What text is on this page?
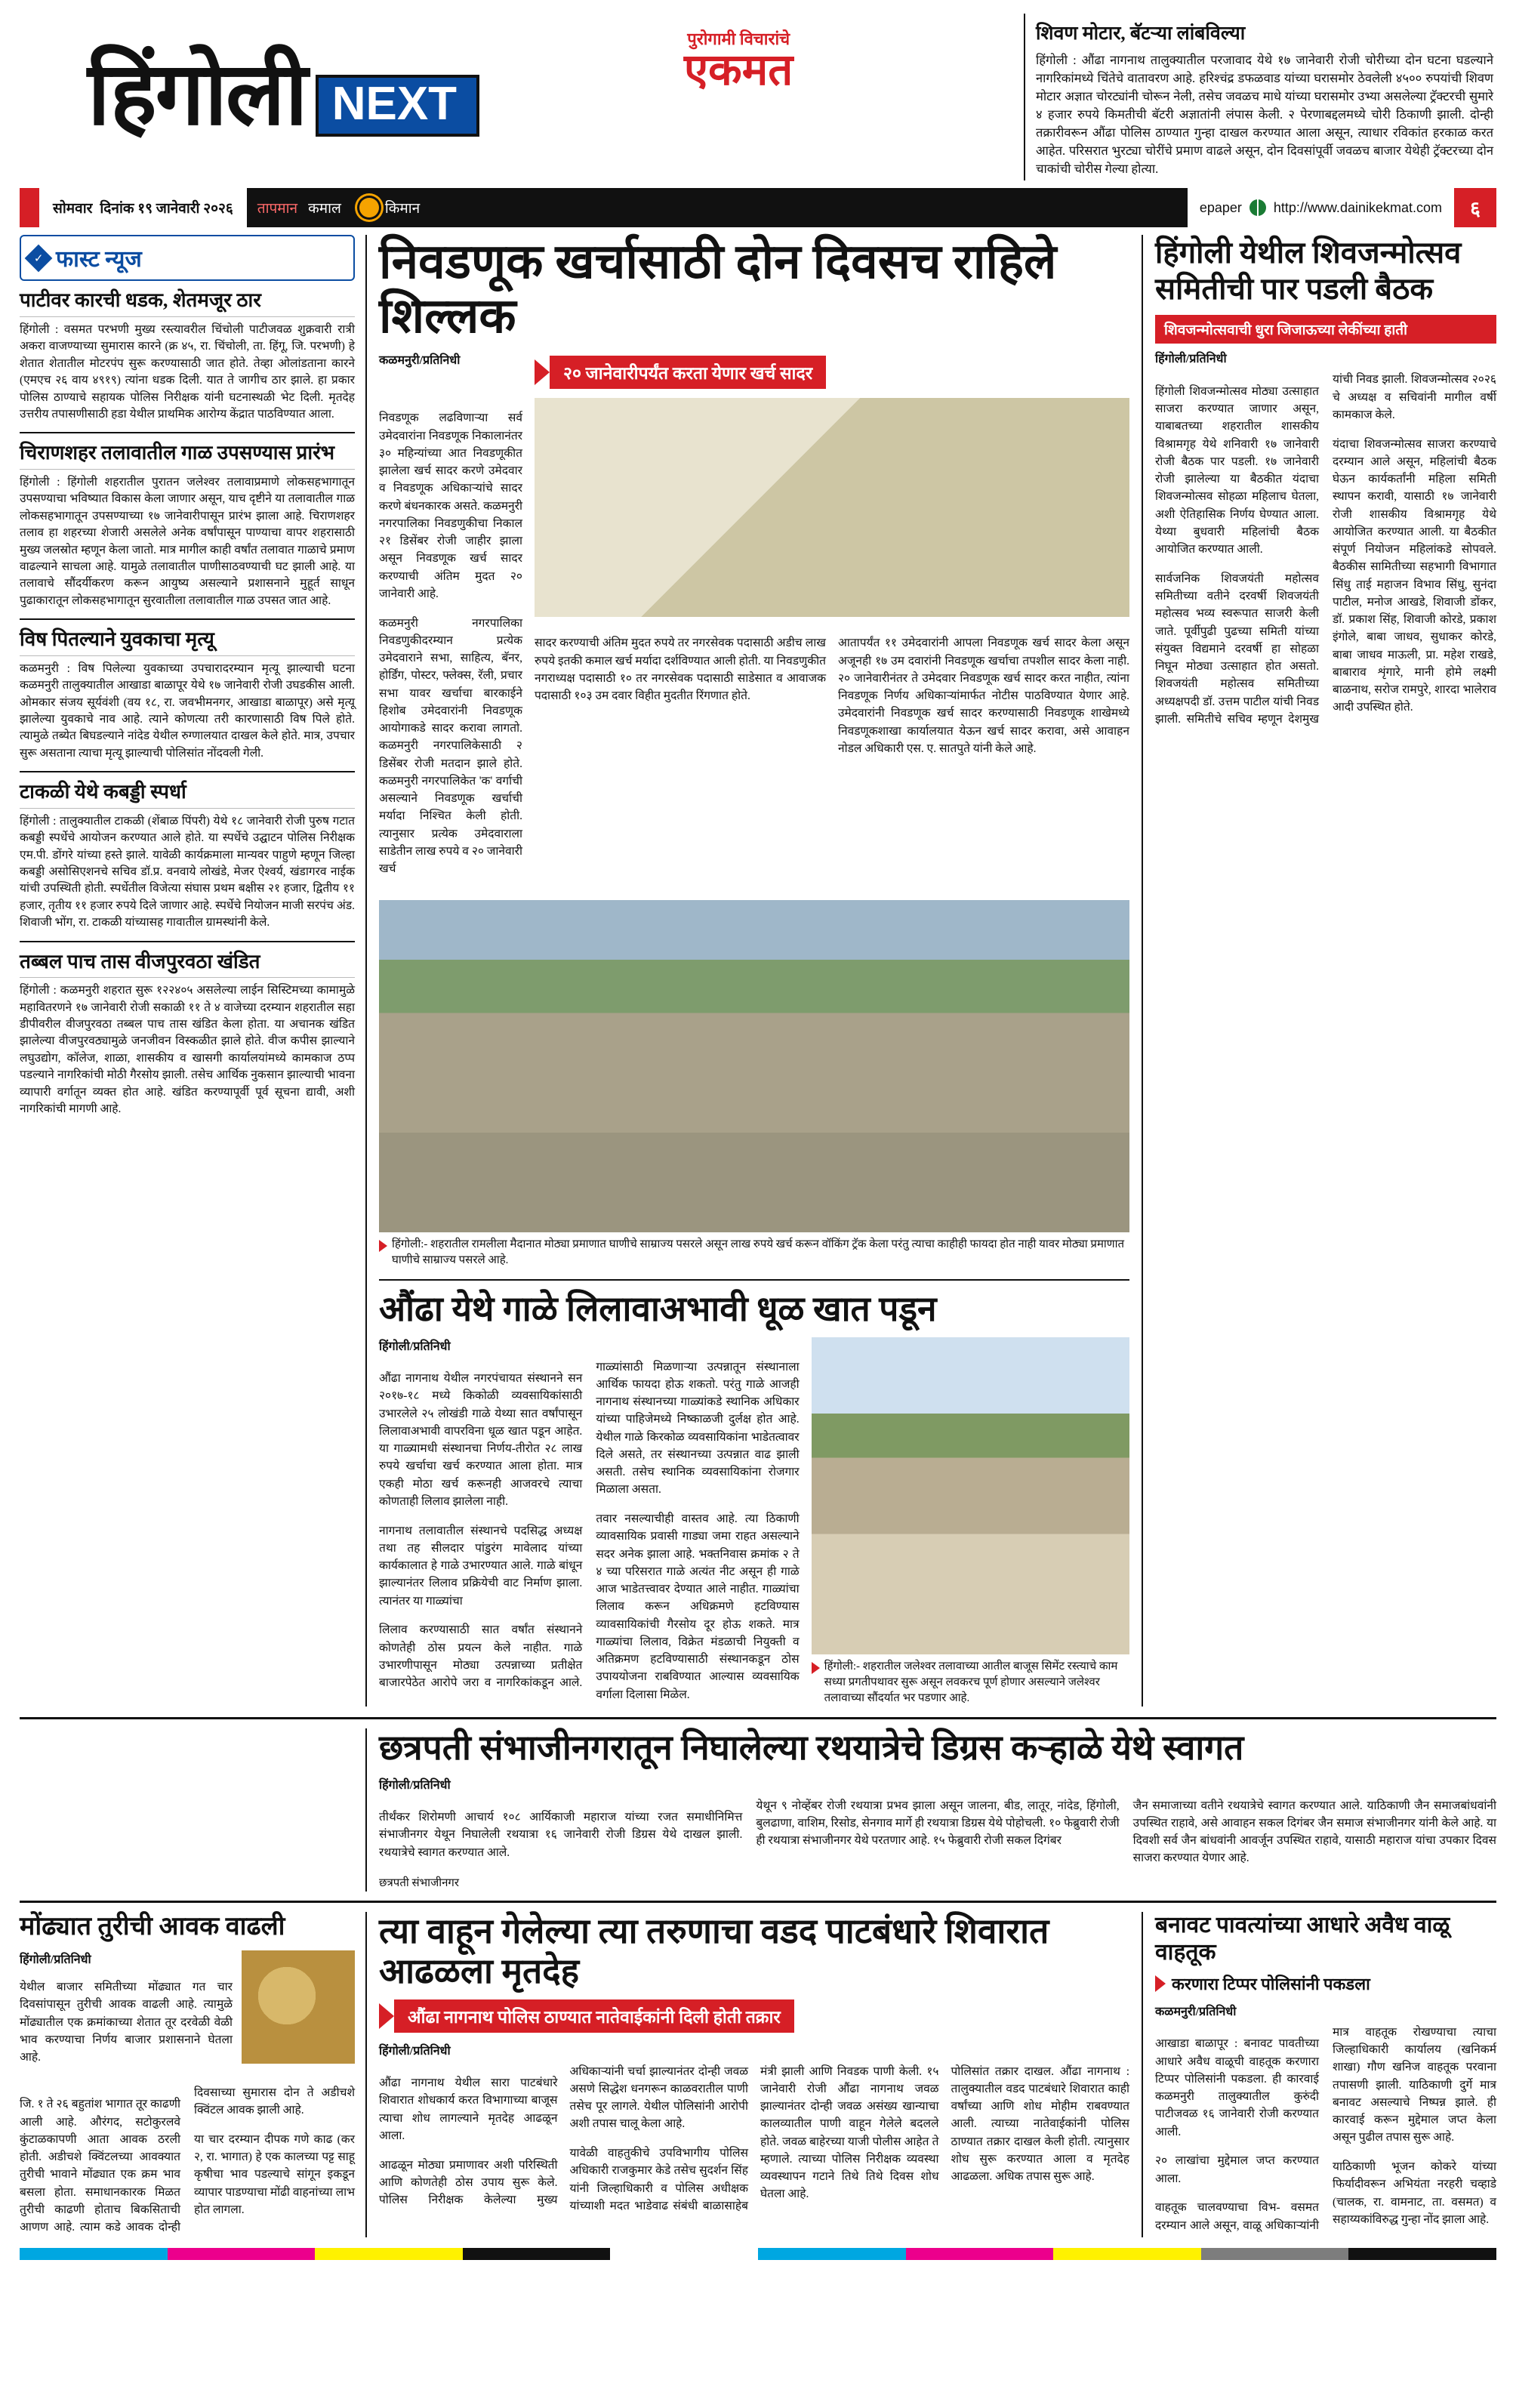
पुरोगामी विचारांचे
एकमत
हिंगोली NEXT
शिवण मोटार, बॅटऱ्या लांबविल्या

हिंगोली : औंढा नागनाथ तालुक्यातील परजावाद येथे १७ जानेवारी रोजी चोरीच्या दोन घटना घडल्याने नागरिकांमध्ये चिंतेचे वातावरण आहे. हरिश्चंद्र डफळवाड यांच्या घरासमोर ठेवलेली ४५०० रुपयांची शिवण मोटार अज्ञात चोरट्यांनी चोरून नेली, तसेच जवळच माधे यांच्या घरासमोर उभ्या असलेल्या ट्रॅक्टरची सुमारे ४ हजार रुपये किमतीची बॅटरी अज्ञातांनी लंपास केली. २ पेरणाबद्दलमध्ये चोरी ठिकाणी झाली. दोन्ही तक्रारीवरून औंढा पोलिस ठाण्यात गुन्हा दाखल करण्यात आला असून, त्याधार रविकांत हरकाळ करत आहेत. परिसरात भुरट्या चोरींचे प्रमाण वाढले असून, दोन दिवसांपूर्वी जवळच बाजार येथेही ट्रॅक्टरच्या दोन चाकांची चोरीस गेल्या होत्या.

सोमवार दिनांक १९ जानेवारी २०२६ तापमान कमाल	किमान	epaper http://www.dainikekmat.com	६
✓ फास्ट न्यूज
पाटीवर कारची धडक, शेतमजूर ठार

हिंगोली : वसमत परभणी मुख्य रस्त्यावरील चिंचोली पाटीजवळ शुक्रवारी रात्री अकरा वाजण्याच्या सुमारास कारने (क्र ४५, रा. चिंचोली, ता. हिंगू, जि. परभणी) हे शेतात शेतातील मोटरपंप सुरू करण्यासाठी जात होते. तेव्हा ओलांडताना कारने (एमएच २६ वाय ४९१९) त्यांना धडक दिली. यात ते जागीच ठार झाले. हा प्रकार पोलिस ठाण्याचे सहायक पोलिस निरीक्षक यांनी घटनास्थळी भेट दिली. मृतदेह उत्तरीय तपासणीसाठी हडा येथील प्राथमिक आरोग्य केंद्रात पाठविण्यात आला.

चिराणशहर तलावातील गाळ उपसण्यास प्रारंभ

हिंगोली : हिंगोली शहरातील पुरातन जलेश्वर तलावाप्रमाणे लोकसहभागातून उपसण्याचा भविष्यात विकास केला जाणार असून, याच दृष्टीने या तलावातील गाळ लोकसहभागातून उपसण्याच्या १७ जानेवारीपासून प्रारंभ झाला आहे. चिराणशहर तलाव हा शहरच्या शेजारी असलेले अनेक वर्षांपासून पाण्याचा वापर शहरासाठी मुख्य जलस्रोत म्हणून केला जातो. मात्र मागील काही वर्षांत तलावात गाळाचे प्रमाण वाढल्याने साचला आहे. यामुळे तलावातील पाणीसाठवण्याची घट झाली आहे. या तलावाचे सौंदर्यीकरण करून आयुष्य असल्याने प्रशासनाने मुहूर्त साधून पुढाकारातून लोकसहभागातून सुरवातीला तलावातील गाळ उपसत जात आहे.

विष पितल्याने युवकाचा मृत्यू

कळमनुरी : विष पिलेल्या युवकाच्या उपचारादरम्यान मृत्यू झाल्याची घटना कळमनुरी तालुक्यातील आखाडा बाळापूर येथे १७ जानेवारी रोजी उघडकीस आली. ओमकार संजय सूर्यवंशी (वय १८, रा. जवभीमनगर, आखाडा बाळापूर) असे मृत्यू झालेल्या युवकाचे नाव आहे. त्याने कोणत्या तरी कारणासाठी विष पिले होते. त्यामुळे तब्येत बिघडल्याने नांदेड येथील रुग्णालयात दाखल केले होते. मात्र, उपचार सुरू असताना त्याचा मृत्यू झाल्याची पोलिसांत नोंदवली गेली.

टाकळी येथे कबड्डी स्पर्धा

हिंगोली : तालुक्यातील टाकळी (शेंबाळ पिंपरी) येथे १८ जानेवारी रोजी पुरुष गटात कबड्डी स्पर्धेचे आयोजन करण्यात आले होते. या स्पर्धेचे उद्घाटन पोलिस निरीक्षक एम.पी. डोंगरे यांच्या हस्ते झाले. यावेळी कार्यक्रमाला मान्यवर पाहुणे म्हणून जिल्हा कबड्डी असोसिएशनचे सचिव डॉ.प्र. वनवाये लोखंडे, मेजर ऐश्वर्य, खंडागरव नाईक यांची उपस्थिती होती. स्पर्धेतील विजेत्या संघास प्रथम बक्षीस २१ हजार, द्वितीय ११ हजार, तृतीय ११ हजार रुपये दिले जाणार आहे. स्पर्धेचे नियोजन माजी सरपंच अंड. शिवाजी भोंग, रा. टाकळी यांच्यासह गावातील ग्रामस्थांनी केले.

तब्बल पाच तास वीजपुरवठा खंडित

हिंगोली : कळमनुरी शहरात सुरू १२२४०५ असलेल्या लाईन सिस्टिमच्या कामामुळे महावितरणने १७ जानेवारी रोजी सकाळी ११ ते ४ वाजेच्या दरम्यान शहरातील सहा डीपीवरील वीजपुरवठा तब्बल पाच तास खंडित केला होता. या अचानक खंडित झालेल्या वीजपुरवठ्यामुळे जनजीवन विस्कळीत झाले होते. वीज कपीस झाल्याने लघुउद्योग, कॉलेज, शाळा, शासकीय व खासगी कार्यालयांमध्ये कामकाज ठप्प पडल्याने नागरिकांची मोठी गैरसोय झाली. तसेच आर्थिक नुकसान झाल्याची भावना व्यापारी वर्गातून व्यक्त होत आहे. खंडित करण्यापूर्वी पूर्व सूचना द्यावी, अशी नागरिकांची मागणी आहे.

निवडणूक खर्चासाठी दोन दिवसच राहिले शिल्लक
कळमनुरी/प्रतिनिधी
२० जानेवारीपर्यंत करता येणार खर्च सादर

निवडणूक लढविणाऱ्या सर्व उमेदवारांना निवडणूक निकालानंतर ३० महिन्यांच्या आत निवडणूकीत झालेला खर्च सादर करणे उमेदवार व निवडणूक अधिकाऱ्यांचे सादर करणे बंधनकारक असते. कळमनुरी नगरपालिका निवडणुकीचा निकाल २१ डिसेंबर रोजी जाहीर झाला असून निवडणूक खर्च सादर करण्याची अंतिम मुदत २० जानेवारी आहे.

कळमनुरी नगरपालिका निवडणुकीदरम्यान प्रत्येक उमेदवाराने सभा, साहित्य, बॅनर, होर्डिंग, पोस्टर, फ्लेक्स, रॅली, प्रचार सभा यावर खर्चाचा बारकाईने हिशोब उमेदवारांनी निवडणूक आयोगाकडे सादर करावा लागतो. कळमनुरी नगरपालिकेसाठी २ डिसेंबर रोजी मतदान झाले होते. कळमनुरी नगरपालिकेत 'क' वर्गाची असल्याने निवडणूक खर्चाची मर्यादा निश्चित केली होती. त्यानुसार प्रत्येक उमेदवाराला साडेतीन लाख रुपये व २० जानेवारी खर्च

सादर करण्याची अंतिम मुदत रुपये तर नगरसेवक पदासाठी अडीच लाख रुपये इतकी कमाल खर्च मर्यादा दर्शविण्यात आली होती. या निवडणुकीत नगराध्यक्ष पदासाठी १० तर नगरसेवक पदासाठी साडेसात व आवाजक पदासाठी १०३ उम दवार विहीत मुदतीत रिंगणात होते.

आतापर्यंत ११ उमेदवारांनी आपला निवडणूक खर्च सादर केला असून अजूनही १७ उम दवारांनी निवडणूक खर्चाचा तपशील सादर केला नाही. २० जानेवारीनंतर ते उमेदवार निवडणूक खर्च सादर करत नाहीत, त्यांना निवडणूक निर्णय अधिकाऱ्यांमार्फत नोटीस पाठविण्यात येणार आहे. उमेदवारांनी निवडणूक खर्च सादर करण्यासाठी निवडणूक शाखेमध्ये निवडणूकशाखा कार्यालयात येऊन खर्च सादर करावा, असे आवाहन नोडल अधिकारी एस. ए. सातपुते यांनी केले आहे.

हिंगोली:- शहरातील रामलीला मैदानात मोठ्या प्रमाणात घाणीचे साम्राज्य पसरले असून लाख रुपये खर्च करून वॉकिंग ट्रॅक केला परंतु त्याचा काहीही फायदा होत नाही यावर मोठ्या प्रमाणात घाणीचे साम्राज्य पसरले आहे.
औंढा येथे गाळे लिलावाअभावी धूळ खात पडून
हिंगोली/प्रतिनिधी

औंढा नागनाथ येथील नगरपंचायत संस्थानने सन २०१७-१८ मध्ये किकोळी व्यवसायिकांसाठी उभारलेले २५ लोखंडी गाळे येथ्या सात वर्षांपासून लिलावाअभावी वापरविना धूळ खात पडून आहेत. या गाळ्यामधी संस्थानचा निर्णय-तीरोत २८ लाख रुपये खर्चाचा खर्च करण्यात आला होता. मात्र एकही मोठा खर्च करूनही आजवरचे त्याचा कोणताही लिलाव झालेला नाही.

नागनाथ तलावातील संस्थानचे पदसिद्ध अध्यक्ष तथा तह सीलदार पांडुरंग मावेलाद यांच्या कार्यकालात हे गाळे उभारण्यात आले. गाळे बांधून झाल्यानंतर लिलाव प्रक्रियेची वाट निर्माण झाला. त्यानंतर या गाळ्यांचा

लिलाव करण्यासाठी सात वर्षांत संस्थानने कोणतेही ठोस प्रयत्न केले नाहीत. गाळे उभारणीपासून मोठ्या उत्पन्नाच्या प्रतीक्षेत बाजारपेठेत आरोपे जरा व नागरिकांकडून आले. गाळ्यांसाठी मिळणाऱ्या उत्पन्नातून संस्थानाला आर्थिक फायदा होऊ शकतो. परंतु गाळे आजही नागनाथ संस्थानच्या गाळ्यांकडे स्थानिक अधिकार यांच्या पाहिजेमध्ये निष्काळजी दुर्लक्ष होत आहे. येथील गाळे किरकोळ व्यवसायिकांना भाडेतत्वावर दिले असते, तर संस्थानच्या उत्पन्नात वाढ झाली असती. तसेच स्थानिक व्यवसायिकांना रोजगार मिळाला असता.

तवार नसल्याचीही वास्तव आहे. त्या ठिकाणी व्यावसायिक प्रवासी गाड्या जमा राहत असल्याने सदर अनेक झाला आहे. भक्तनिवास क्रमांक २ ते ४ च्या परिसरात गाळे अत्यंत नीट असून ही गाळे आज भाडेतत्त्वावर देण्यात आले नाहीत. गाळ्यांचा लिलाव करून अधिक्रमणे हटविण्यास व्यावसायिकांची गैरसोय दूर होऊ शकते. मात्र गाळ्यांचा लिलाव, विक्रेत मंडळाची नियुक्ती व अतिक्रमण हटविण्यासाठी संस्थानकडून ठोस उपाययोजना राबविण्यात आल्यास व्यवसायिक वर्गाला दिलासा मिळेल.

हिंगोली:- शहरातील जलेश्वर तलावाच्या आतील बाजूस सिमेंट रस्त्याचे काम सध्या प्रगतीपथावर सुरू असून लवकरच पूर्ण होणार असल्याने जलेश्वर तलावाच्या सौंदर्यात भर पडणार आहे.
हिंगोली येथील शिवजन्मोत्सव समितीची पार पडली बैठक
शिवजन्मोत्सवाची धुरा जिजाऊच्या लेकींच्या हाती
हिंगोली/प्रतिनिधी

हिंगोली शिवजन्मोत्सव मोठ्या उत्साहात साजरा करण्यात जाणार असून, याबाबतच्या शहरातील शासकीय विश्रामगृह येथे शनिवारी १७ जानेवारी रोजी बैठक पार पडली. १७ जानेवारी रोजी झालेल्या या बैठकीत यंदाचा शिवजन्मोत्सव सोहळा महिलाच घेतला, अशी ऐतिहासिक निर्णय घेण्यात आला. येथ्या बुधवारी महिलांची बैठक आयोजित करण्यात आली.

सार्वजनिक शिवजयंती महोत्सव समितीच्या वतीने दरवर्षी शिवजयंती महोत्सव भव्य स्वरूपात साजरी केली जाते. पूर्वीपुढी पुढच्या समिती यांच्या संयुक्त विद्यमाने दरवर्षी हा सोहळा निघून मोठ्या उत्साहात होत असतो. शिवजयंती महोत्सव समितीच्या अध्यक्षपदी डॉ. उत्तम पाटील यांची निवड झाली. समितीचे सचिव म्हणून देशमुख यांची निवड झाली. शिवजन्मोत्सव २०२६ चे अध्यक्ष व सचिवांनी मागील वर्षी कामकाज केले.

यंदाचा शिवजन्मोत्सव साजरा करण्याचे दरम्यान आले असून, महिलांची बैठक घेऊन कार्यकर्तांनी महिला समिती स्थापन करावी, यासाठी १७ जानेवारी रोजी शासकीय विश्रामगृह येथे आयोजित करण्यात आली. या बैठकीत संपूर्ण नियोजन महिलांकडे सोपवले. बैठकीस सामितीच्या सहभागी विभागात सिंधु ताई महाजन विभाव सिंधु, सुनंदा पाटील, मनोज आखडे, शिवाजी डोंकर, डॉ. प्रकाश सिंह, शिवाजी कोरडे, प्रकाश इंगोले, बाबा जाधव, सुधाकर कोरडे, बाबा जाधव माऊली, प्रा. महेश राखडे, बाबाराव शृंगारे, मानी होमे लक्ष्मी बाळनाथ, सरोज रामपुरे, शारदा भालेराव आदी उपस्थित होते.

छत्रपती संभाजीनगरातून निघालेल्या रथयात्रेचे डिग्रस कऱ्हाळे येथे स्वागत
हिंगोली/प्रतिनिधी

तीर्थंकर शिरोमणी आचार्य १०८ आर्यिकाजी महाराज यांच्या रजत समाधीनिमित्त संभाजीनगर येथून निघालेली रथयात्रा १६ जानेवारी रोजी डिग्रस येथे दाखल झाली. रथयात्रेचे स्वागत करण्यात आले.

येथून ९ नोव्हेंबर रोजी रथयात्रा प्रभव झाला असून जालना, बीड, लातूर, नांदेड, हिंगोली, बुलढाणा, वाशिम, रिसोड, सेनगाव मार्गे ही रथयात्रा डिग्रस येथे पोहोचली. १० फेब्रुवारी रोजी ही रथयात्रा संभाजीनगर येथे परतणार आहे. १५ फेब्रुवारी रोजी सकल दिगंबर

जैन समाजाच्या वतीने रथयात्रेचे स्वागत करण्यात आले. याठिकाणी जैन समाजबांधवांनी उपस्थित राहावे, असे आवाहन सकल दिगंबर जैन समाज संभाजीनगर यांनी केले आहे. या दिवशी सर्व जैन बांधवांनी आवर्जून उपस्थित राहावे, यासाठी महाराज यांचा उपकार दिवस साजरा करण्यात येणार आहे.

छत्रपती संभाजीनगर
मोंढ्यात तुरीची आवक वाढली
हिंगोली/प्रतिनिधी

येथील बाजार समितीच्या मोंढ्यात गत चार दिवसांपासून तुरीची आवक वाढली आहे. त्यामुळे मोंढ्यातील एक क्रमांकाच्या शेतात तूर दरवेळी वेळी भाव करण्याचा निर्णय बाजार प्रशासनाने घेतला आहे.

जि. १ ते २६ बहुतांश भागात तूर काढणी आली आहे. औरंगद, सटोकुरलवे कुंटाळकापणी आता आवक ठरली होती. अडीचशे क्विंटलच्या आवक्यात तुरीची भावाने मोंढ्यात एक क्रम भाव बसला होता. समाधानकारक मिळत तुरीची काढणी होताच बिकसिताची आणण आहे. त्याम कडे आवक दोन्ही दिवसाच्या सुमारास दोन ते अडीचशे क्विंटल आवक झाली आहे.

या चार दरम्यान दीपक गणे काढ (कर २, रा. भागात) हे एक कालच्या पट्ट साहू कृषीचा भाव पडल्याचे सांगून इकडून व्यापार पाडण्याचा मोंढी वाहनांच्या लाभ होत लागला.

त्या वाहून गेलेल्या त्या तरुणाचा वडद पाटबंधारे शिवारात आढळला मृतदेह
औंढा नागनाथ पोलिस ठाण्यात नातेवाईकांनी दिली होती तक्रार
हिंगोली/प्रतिनिधी

औंढा नागनाथ येथील सारा पाटबंधारे शिवारात शोधकार्य करत विभागाच्या बाजूस त्याचा शोध लागल्याने मृतदेह आढळून आला.

आढळून मोठ्या प्रमाणावर अशी परिस्थिती आणि कोणतेही ठोस उपाय सुरू केले. पोलिस निरीक्षक केलेल्या मुख्य अधिकाऱ्यांनी चर्चा झाल्यानंतर दोन्ही जवळ असणे सिद्धेश धनगरून काळवरातील पाणी तसेच पूर लागले. येथील पोलिसांनी आरोपी अशी तपास चालू केला आहे.

यावेळी वाहतुकीचे उपविभागीय पोलिस अधिकारी राजकुमार केडे तसेच सुदर्शन सिंह यांनी जिल्हाधिकारी व पोलिस अधीक्षक यांच्याशी मदत भाडेवाढ संबंधी बाळासाहेब मंत्री झाली आणि निवडक पाणी केली. १५ जानेवारी रोजी औंढा नागनाथ जवळ झाल्यानंतर दोन्ही जवळ असंख्य खान्याचा कालव्यातील पाणी वाहून गेलेले बदलले होते. जवळ बाहेरच्या याजी पोलीस आहेत ते म्हणाले. त्याच्या पोलिस निरीक्षक व्यवस्था व्यवस्थापन गटाने तिथे तिथे दिवस शोध घेतला आहे.

पोलिसांत तक्रार दाखल. औंढा नागनाथ : तालुक्यातील वडद पाटबंधारे शिवारात काही वर्षांच्या आणि शोध मोहीम राबवण्यात आली. त्याच्या नातेवाईकांनी पोलिस ठाण्यात तक्रार दाखल केली होती. त्यानुसार शोध सुरू करण्यात आला व मृतदेह आढळला. अधिक तपास सुरू आहे.

बनावट पावत्यांच्या आधारे अवैध वाळू वाहतूक
करणारा टिप्पर पोलिसांनी पकडला
कळमनुरी/प्रतिनिधी

आखाडा बाळापूर : बनावट पावतीच्या आधारे अवैध वाळूची वाहतूक करणारा टिप्पर पोलिसांनी पकडला. ही कारवाई कळमनुरी तालुक्यातील कुरुंदी पाटीजवळ १६ जानेवारी रोजी करण्यात आली.

२० लाखांचा मुद्देमाल जप्त करण्यात आला.

वाहतूक चालवण्याचा विभ- वसमत दरम्यान आले असून, वाळू अधिकाऱ्यांनी मात्र वाहतूक रोखण्याचा त्याचा जिल्हाधिकारी कार्यालय (खनिकर्म शाखा) गौण खनिज वाहतूक परवाना तपासणी झाली. याठिकाणी दुर्गे मात्र बनावट असल्याचे निष्पन्न झाले. ही कारवाई करून मुद्देमाल जप्त केला असून पुढील तपास सुरू आहे.

याठिकाणी भूजन कोकरे यांच्या फिर्यादीवरून अभियंता नरहरी चव्हाडे (चालक, रा. वामनाट, ता. वसमत) व सहाय्यकांविरुद्ध गुन्हा नोंद झाला आहे.
